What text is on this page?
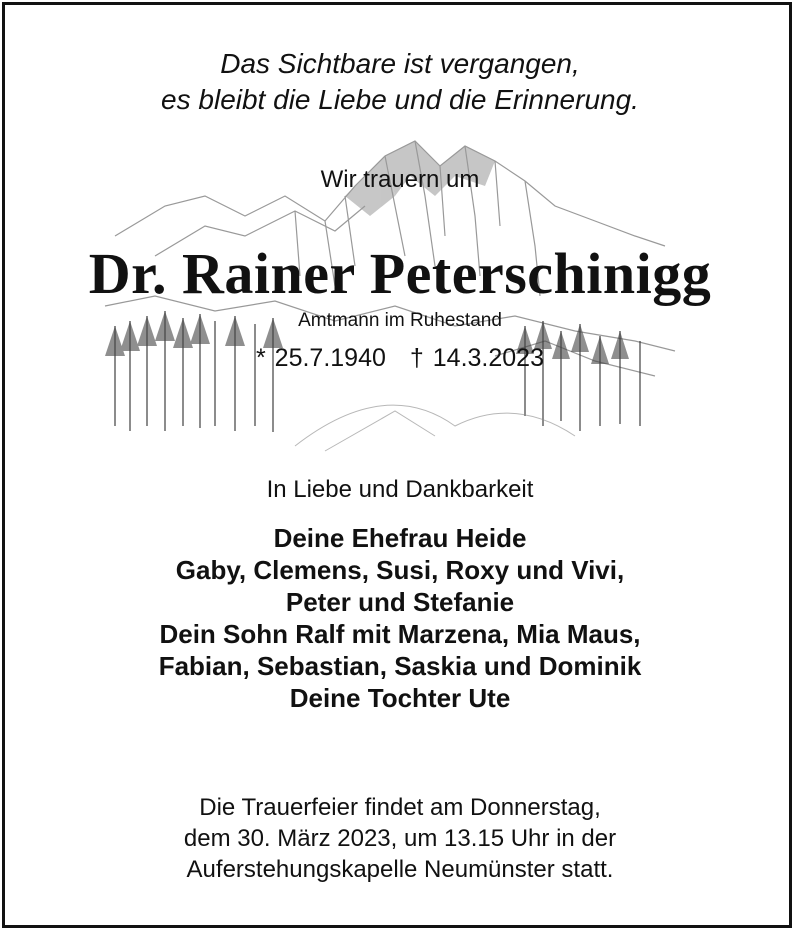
Das Sichtbare ist vergangen,
es bleibt die Liebe und die Erinnerung.
Wir trauern um
Dr. Rainer Peterschinigg
Amtmann im Ruhestand
* 25.7.1940 † 14.3.2023
In Liebe und Dankbarkeit
Deine Ehefrau Heide
Gaby, Clemens, Susi, Roxy und Vivi,
Peter und Stefanie
Dein Sohn Ralf mit Marzena, Mia Maus,
Fabian, Sebastian, Saskia und Dominik
Deine Tochter Ute
Die Trauerfeier findet am Donnerstag,
dem 30. März 2023, um 13.15 Uhr in der
Auferstehungskapelle Neumünster statt.
